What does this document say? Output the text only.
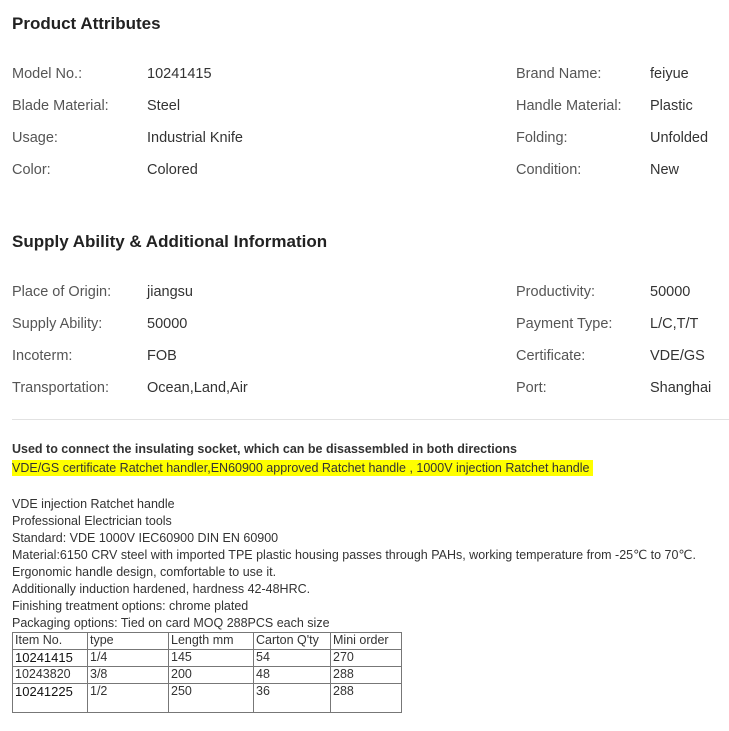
Product Attributes
Model No.:	10241415
Blade Material:	Steel
Usage:	Industrial Knife
Color:	Colored
Brand Name:	feiyue
Handle Material: Plastic
Folding:	Unfolded
Condition:	New
Supply Ability & Additional Information
Place of Origin: jiangsu
Supply Ability:	50000
Incoterm:	FOB
Transportation:	Ocean,Land,Air
Productivity:	50000
Payment Type:	L/C,T/T
Certificate:	VDE/GS
Port:	Shanghai
Used to connect the insulating socket, which can be disassembled in both directions
VDE/GS certificate Ratchet handler,EN60900 approved Ratchet handle , 1000V injection Ratchet handle
VDE injection Ratchet handle
Professional Electrician tools
Standard: VDE 1000V IEC60900 DIN EN 60900
Material:6150 CRV steel with imported TPE plastic housing passes through PAHs, working temperature from -25℃ to 70℃.
Ergonomic handle design, comfortable to use it.
Additionally induction hardened, hardness 42-48HRC.
Finishing treatment options: chrome plated
Packaging options: Tied on card MOQ 288PCS each size
Item No.	type	Length mm	Carton Q'ty	Mini order
10241415	1/4	145	54	270
10243820	3/8	200	48	288
10241225	1/2	250	36	288
